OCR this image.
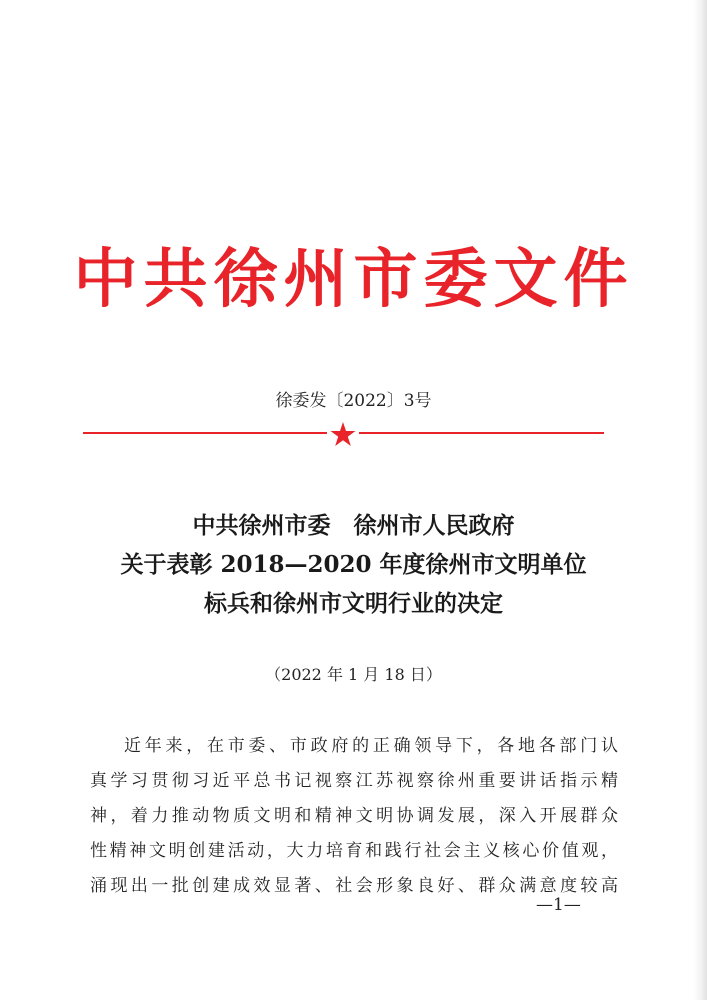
中共徐州市委文件
徐委发〔2022〕3号
中共徐州市委　徐州市人民政府
关于表彰 2018—2020 年度徐州市文明单位
标兵和徐州市文明行业的决定
（2022 年 1 月 18 日）
近年来，在市委、市政府的正确领导下，各地各部门认
真学习贯彻习近平总书记视察江苏视察徐州重要讲话指示精
神，着力推动物质文明和精神文明协调发展，深入开展群众
性精神文明创建活动，大力培育和践行社会主义核心价值观，
涌现出一批创建成效显著、社会形象良好、群众满意度较高
—1—
